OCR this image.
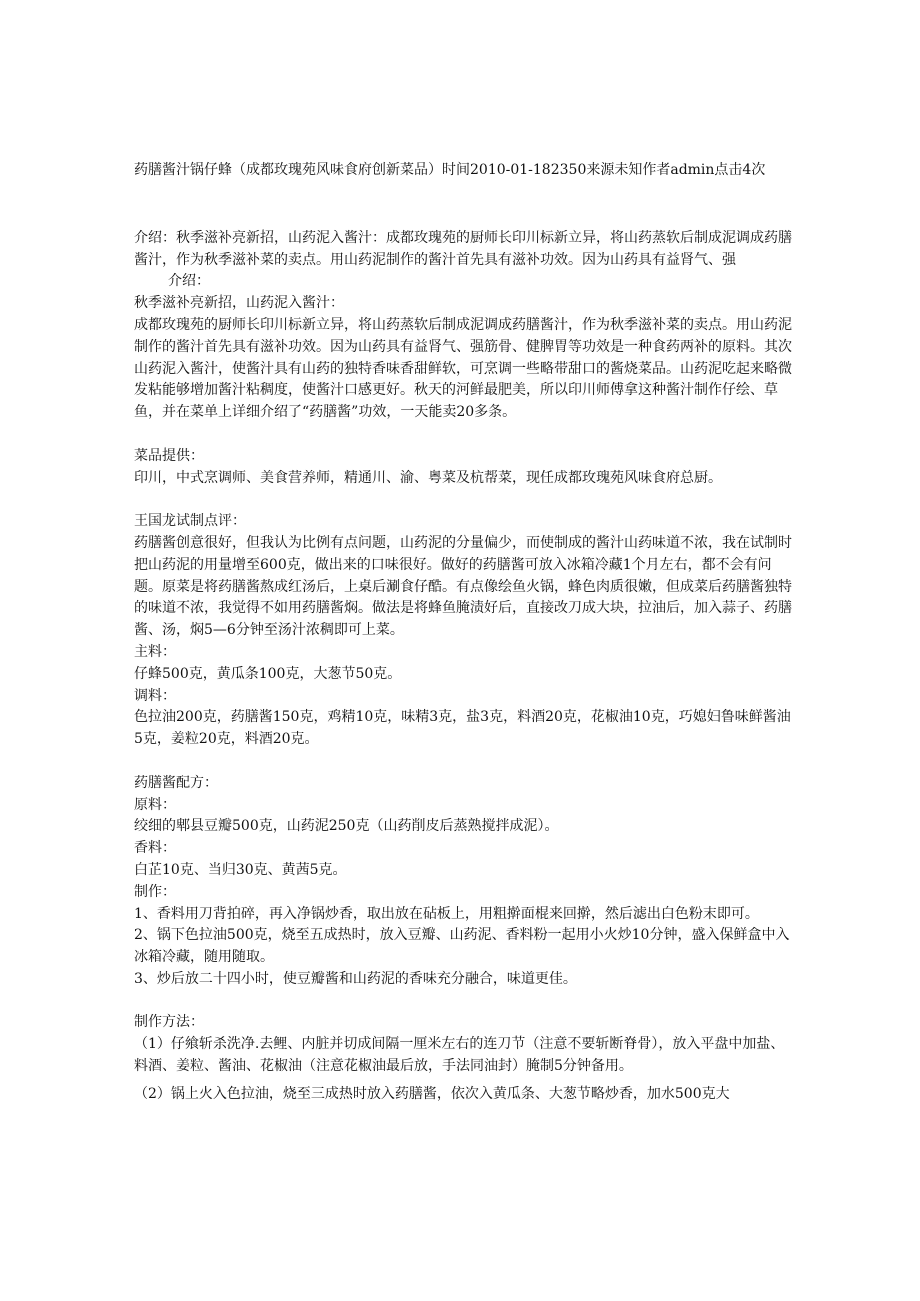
药膳酱汁锅仔蜂（成都玫瑰苑风味食府创新菜品）时间2010-01-182350来源未知作者admin点击4次

介绍：秋季滋补亮新招，山药泥入酱汁：成都玫瑰苑的厨师长印川标新立异，将山药蒸软后制成泥调成药膳酱汁，作为秋季滋补菜的卖点。用山药泥制作的酱汁首先具有滋补功效。因为山药具有益肾气、强

介绍：

秋季滋补亮新招，山药泥入酱汁：

成都玫瑰苑的厨师长印川标新立异，将山药蒸软后制成泥调成药膳酱汁，作为秋季滋补菜的卖点。用山药泥制作的酱汁首先具有滋补功效。因为山药具有益肾气、强筋骨、健脾胃等功效是一种食药两补的原料。其次山药泥入酱汁，使酱汁具有山药的独特香味香甜鲜软，可烹调一些略带甜口的酱烧菜品。山药泥吃起来略微发粘能够增加酱汁粘稠度，使酱汁口感更好。秋天的河鲜最肥美，所以印川师傅拿这种酱汁制作仔绘、草鱼，并在菜单上详细介绍了“药膳酱”功效，一天能卖20多条。

菜品提供：

印川，中式烹调师、美食营养师，精通川、渝、粤菜及杭帮菜，现任成都玫瑰苑风味食府总厨。

王国龙试制点评：

药膳酱创意很好，但我认为比例有点问题，山药泥的分量偏少，而使制成的酱汁山药味道不浓，我在试制时把山药泥的用量增至600克，做出来的口味很好。做好的药膳酱可放入冰箱冷藏1个月左右，都不会有问题。原菜是将药膳酱熬成红汤后，上桌后涮食仔酷。有点像绘鱼火锅，蜂色肉质很嫩，但成菜后药膳酱独特的味道不浓，我觉得不如用药膳酱焖。做法是将蜂鱼腌渍好后，直接改刀成大块，拉油后，加入蒜子、药膳酱、汤，焖5—6分钟至汤汁浓稠即可上菜。

主料：

仔蜂500克，黄瓜条100克，大葱节50克。

调料：

色拉油200克，药膳酱150克，鸡精10克，味精3克，盐3克，料酒20克，花椒油10克，巧媳妇鲁味鲜酱油5克，姜粒20克，料酒20克。

药膳酱配方：

原料：

绞细的郫县豆瓣500克，山药泥250克（山药削皮后蒸熟搅拌成泥）。

香料：

白芷10克、当归30克、黄茜5克。

制作：

1、香料用刀背拍碎，再入净锅炒香，取出放在砧板上，用粗擀面棍来回擀，然后滤出白色粉末即可。

2、锅下色拉油500克，烧至五成热时，放入豆瓣、山药泥、香料粉一起用小火炒10分钟，盛入保鲜盒中入冰箱冷藏，随用随取。

3、炒后放二十四小时，使豆瓣酱和山药泥的香味充分融合，味道更佳。

制作方法：

（1）仔飨斩杀洗净.去鲤、内脏并切成间隔一厘米左右的连刀节（注意不要斩断脊骨），放入平盘中加盐、料酒、姜粒、酱油、花椒油（注意花椒油最后放，手法同油封）腌制5分钟备用。

（2）锅上火入色拉油，烧至三成热时放入药膳酱，依次入黄瓜条、大葱节略炒香，加水500克大
